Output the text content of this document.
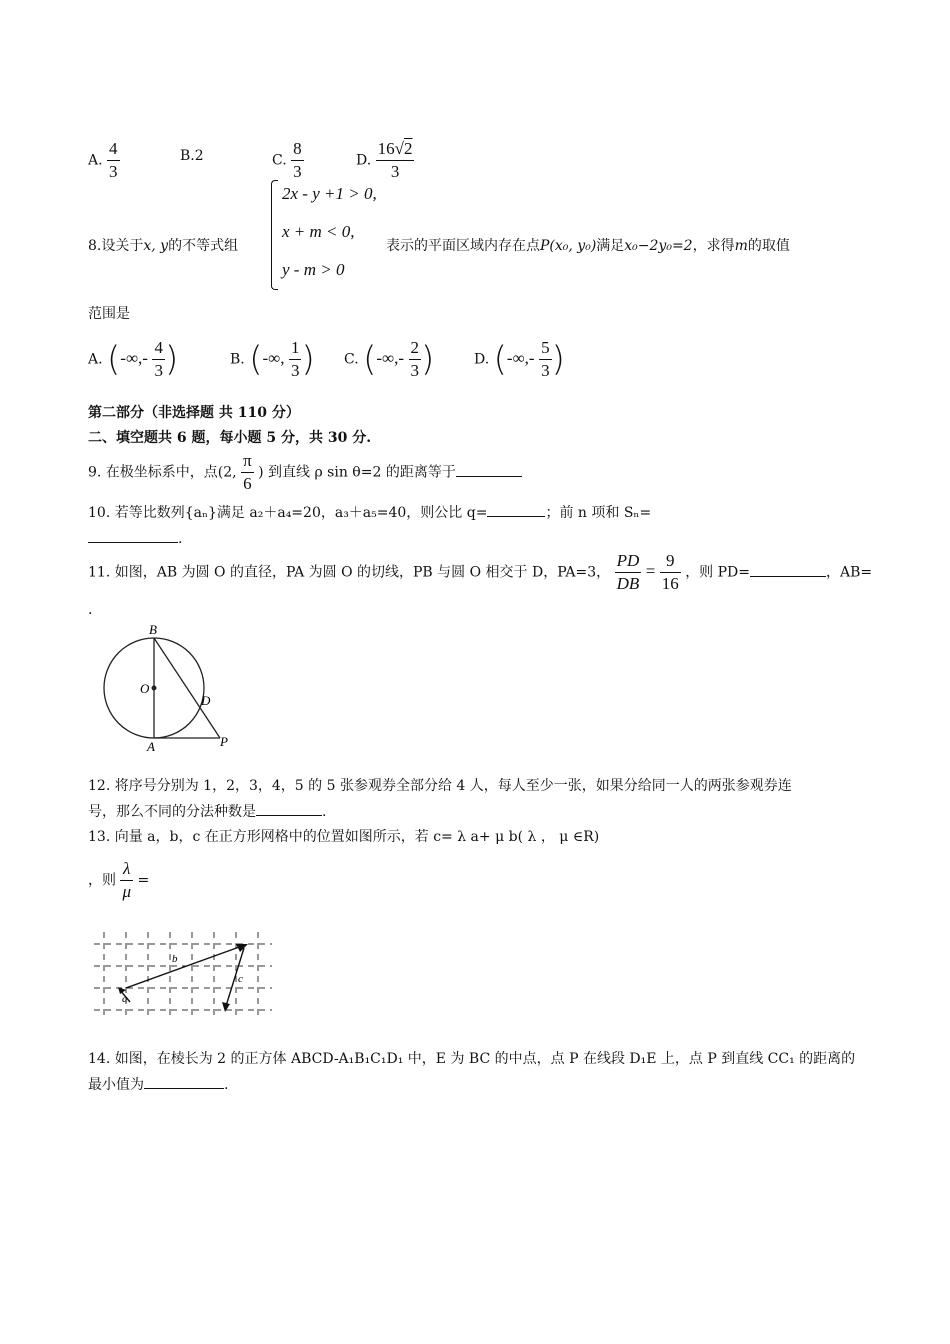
A. $\frac{4}{3}$	B.2	C. $\frac{8}{3}$	D. $\frac{16√2}{3}$
8.设关于x, y的不等式组
2x - y +1 > 0,
x + m < 0,
y - m > 0
表示的平面区域内存在点P(x₀, y₀)满足x₀−2y₀=2，求得m的取值
范围是
A. (-∞,- $\frac{4}{3}$ )	B. (-∞, $\frac{1}{3}$ ) C. (-∞,- $\frac{2}{3}$ )	D. (-∞,- $\frac{5}{3}$ )
第二部分（非选择题 共 110 分）
二、填空题共 6 题，每小题 5 分，共 30 分.
9. 在极坐标系中，点(2, $\frac{\pi}{6}$ ) 到直线 ρ sin θ=2 的距离等于
10. 若等比数列{aₙ}满足 a₂＋a₄=20，a₃＋a₅=40，则公比 q=	；前 n 项和 Sₙ=
.
11. 如图，AB 为圆 O 的直径，PA 为圆 O 的切线，PB 与圆 O 相交于 D，PA=3， $\frac{PD}{DB} = \frac{9}{16}$ ，则 PD=	，AB=
.
B
O
D
A	P
12. 将序号分别为 1，2，3，4，5 的 5 张参观券全部分给 4 人，每人至少一张，如果分给同一人的两张参观券连
号，那么不同的分法种数是	.
13. 向量 a，b，c 在正方形网格中的位置如图所示，若 c= λ a+ μ b( λ ， μ ∈R)
，则 $\frac{\lambda}{\mu}$ =
b
a
c
14. 如图，在棱长为 2 的正方体 ABCD-A₁B₁C₁D₁ 中，E 为 BC 的中点，点 P 在线段 D₁E 上，点 P 到直线 CC₁ 的距离的
最小值为	.
